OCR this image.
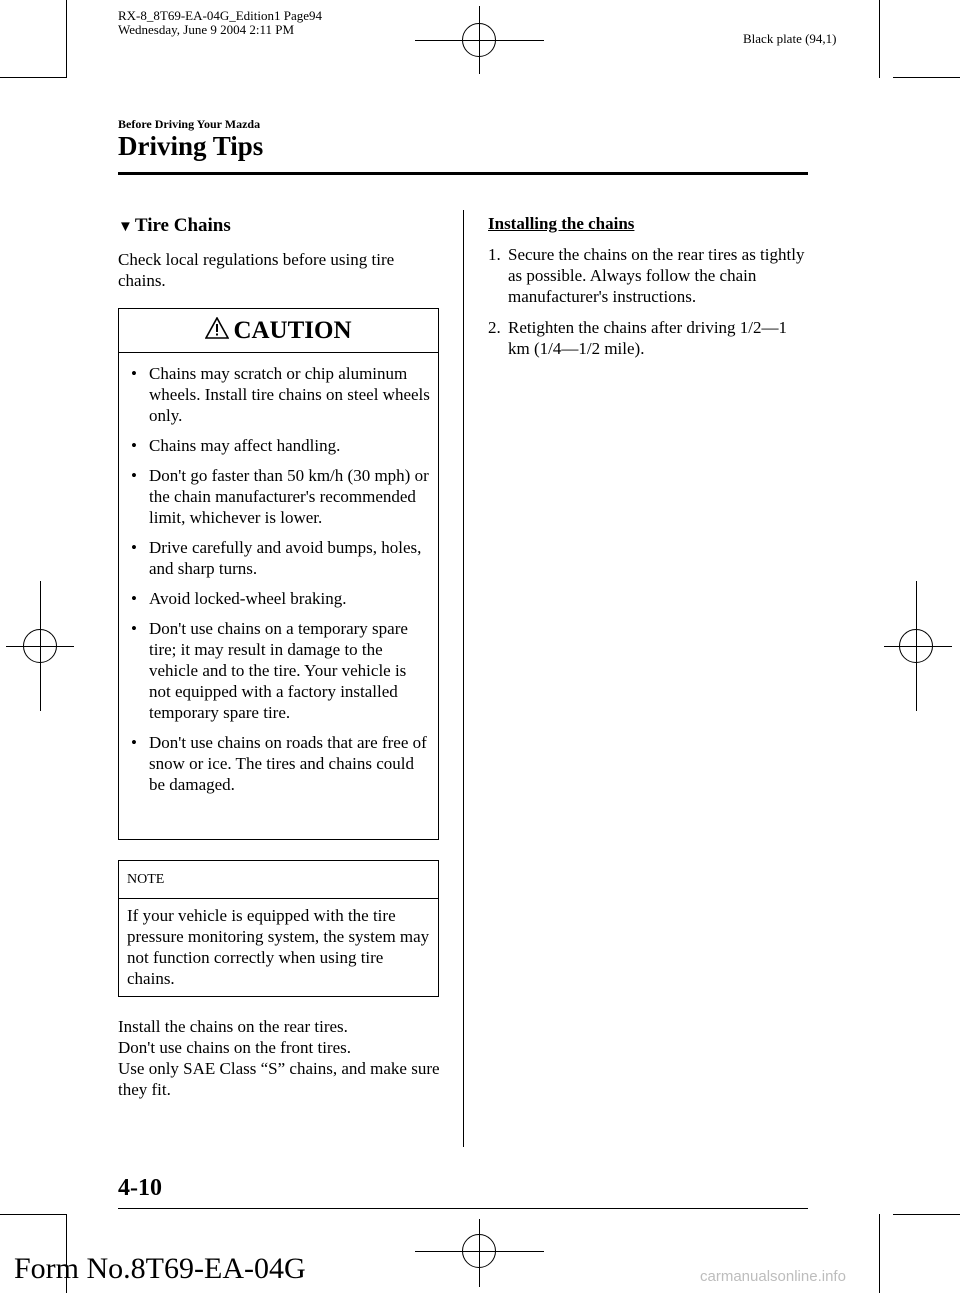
RX-8_8T69-EA-04G_Edition1 Page94
Wednesday, June 9 2004 2:11 PM
Black plate (94,1)
Before Driving Your Mazda
Driving Tips
▼ Tire Chains
Check local regulations before using tire chains.
CAUTION
• Chains may scratch or chip aluminum wheels. Install tire chains on steel wheels only.
• Chains may affect handling.
• Don't go faster than 50 km/h (30 mph) or the chain manufacturer's recommended limit, whichever is lower.
• Drive carefully and avoid bumps, holes, and sharp turns.
• Avoid locked-wheel braking.
• Don't use chains on a temporary spare tire; it may result in damage to the vehicle and to the tire. Your vehicle is not equipped with a factory installed temporary spare tire.
• Don't use chains on roads that are free of snow or ice. The tires and chains could be damaged.
NOTE
If your vehicle is equipped with the tire pressure monitoring system, the system may not function correctly when using tire chains.
Install the chains on the rear tires.
Don't use chains on the front tires.
Use only SAE Class “S” chains, and make sure they fit.
Installing the chains
1. Secure the chains on the rear tires as tightly as possible. Always follow the chain manufacturer's instructions.
2. Retighten the chains after driving 1/2―1 km (1/4―1/2 mile).
4-10
Form No.8T69-EA-04G	carmanualsonline.info
